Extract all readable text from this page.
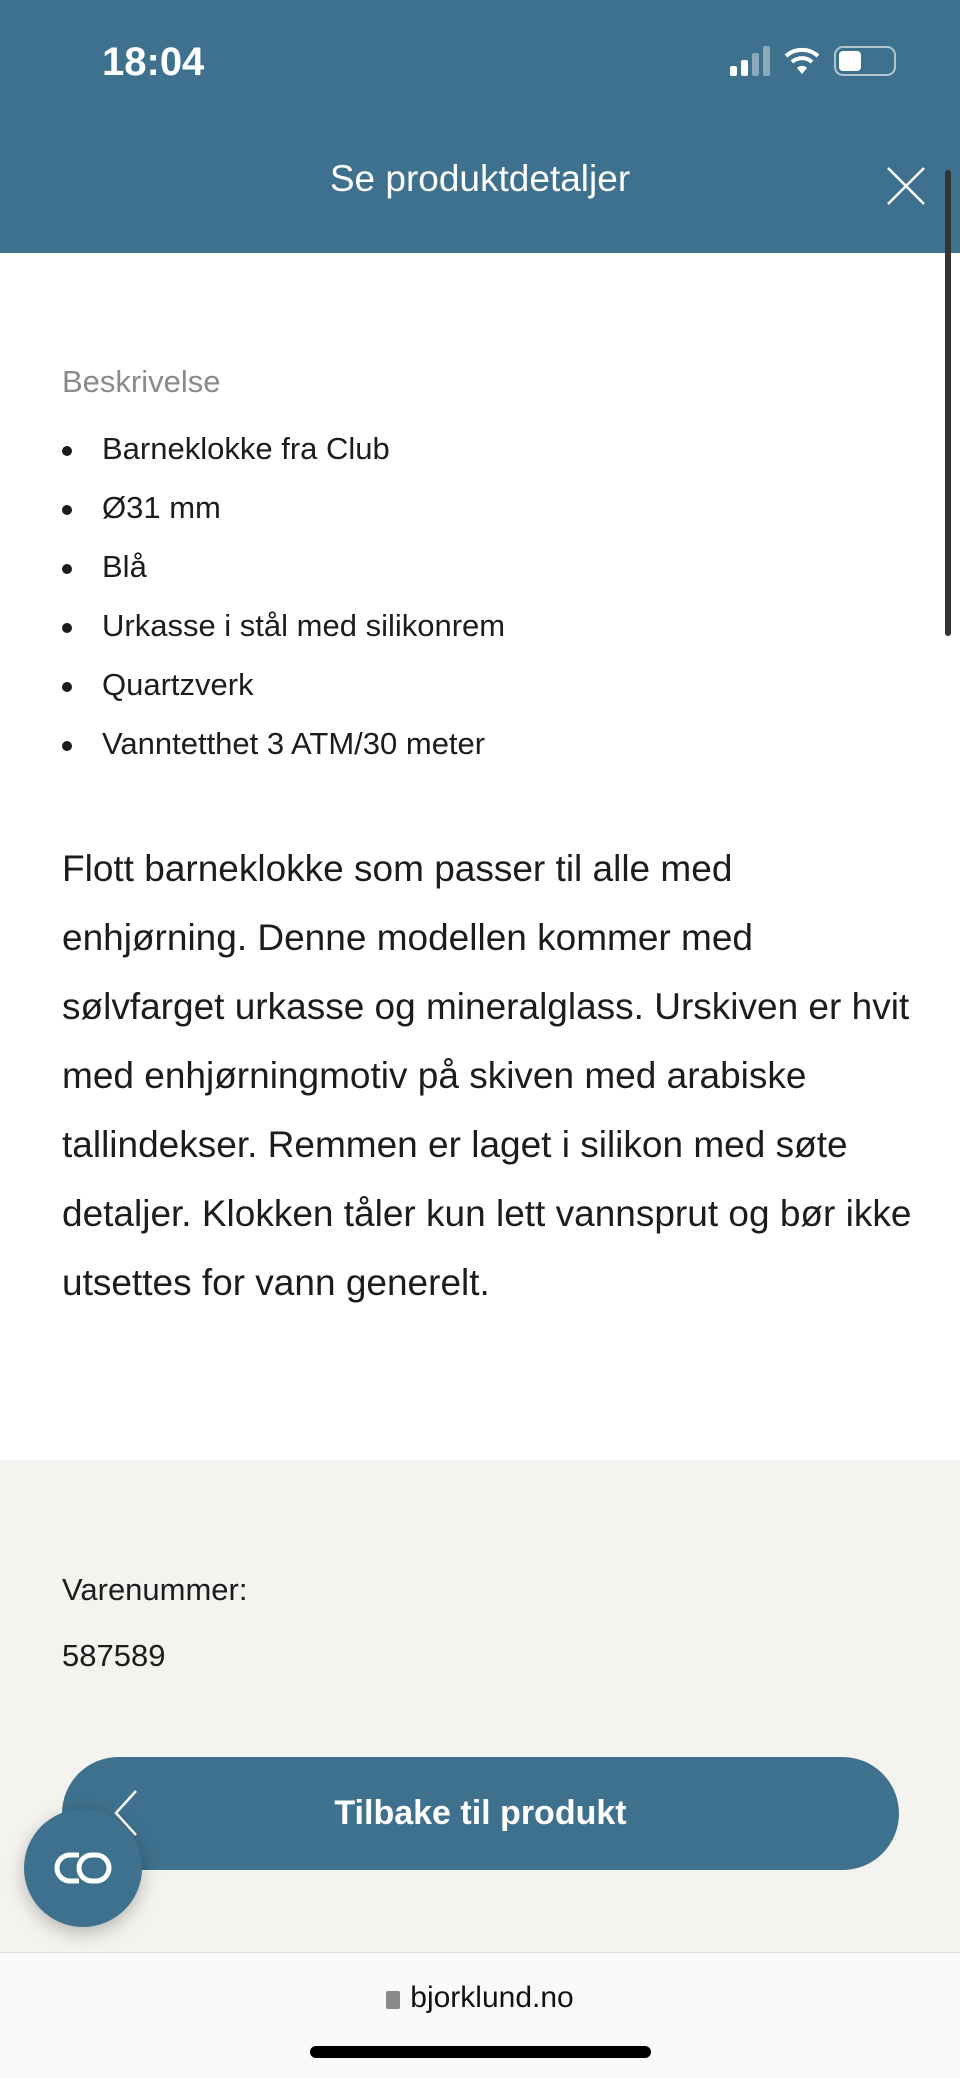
18:04
Se produktdetaljer
Beskrivelse
Barneklokke fra Club
Ø31 mm
Blå
Urkasse i stål med silikonrem
Quartzverk
Vanntetthet 3 ATM/30 meter

Flott barneklokke som passer til alle med enhjørning. Denne modellen kommer med sølvfarget urkasse og mineralglass. Urskiven er hvit med enhjørningmotiv på skiven med arabiske tallindekser. Remmen er laget i silikon med søte detaljer. Klokken tåler kun lett vannsprut og bør ikke utsettes for vann generelt.

Varenummer:
587589
Tilbake til produkt
bjorklund.no
